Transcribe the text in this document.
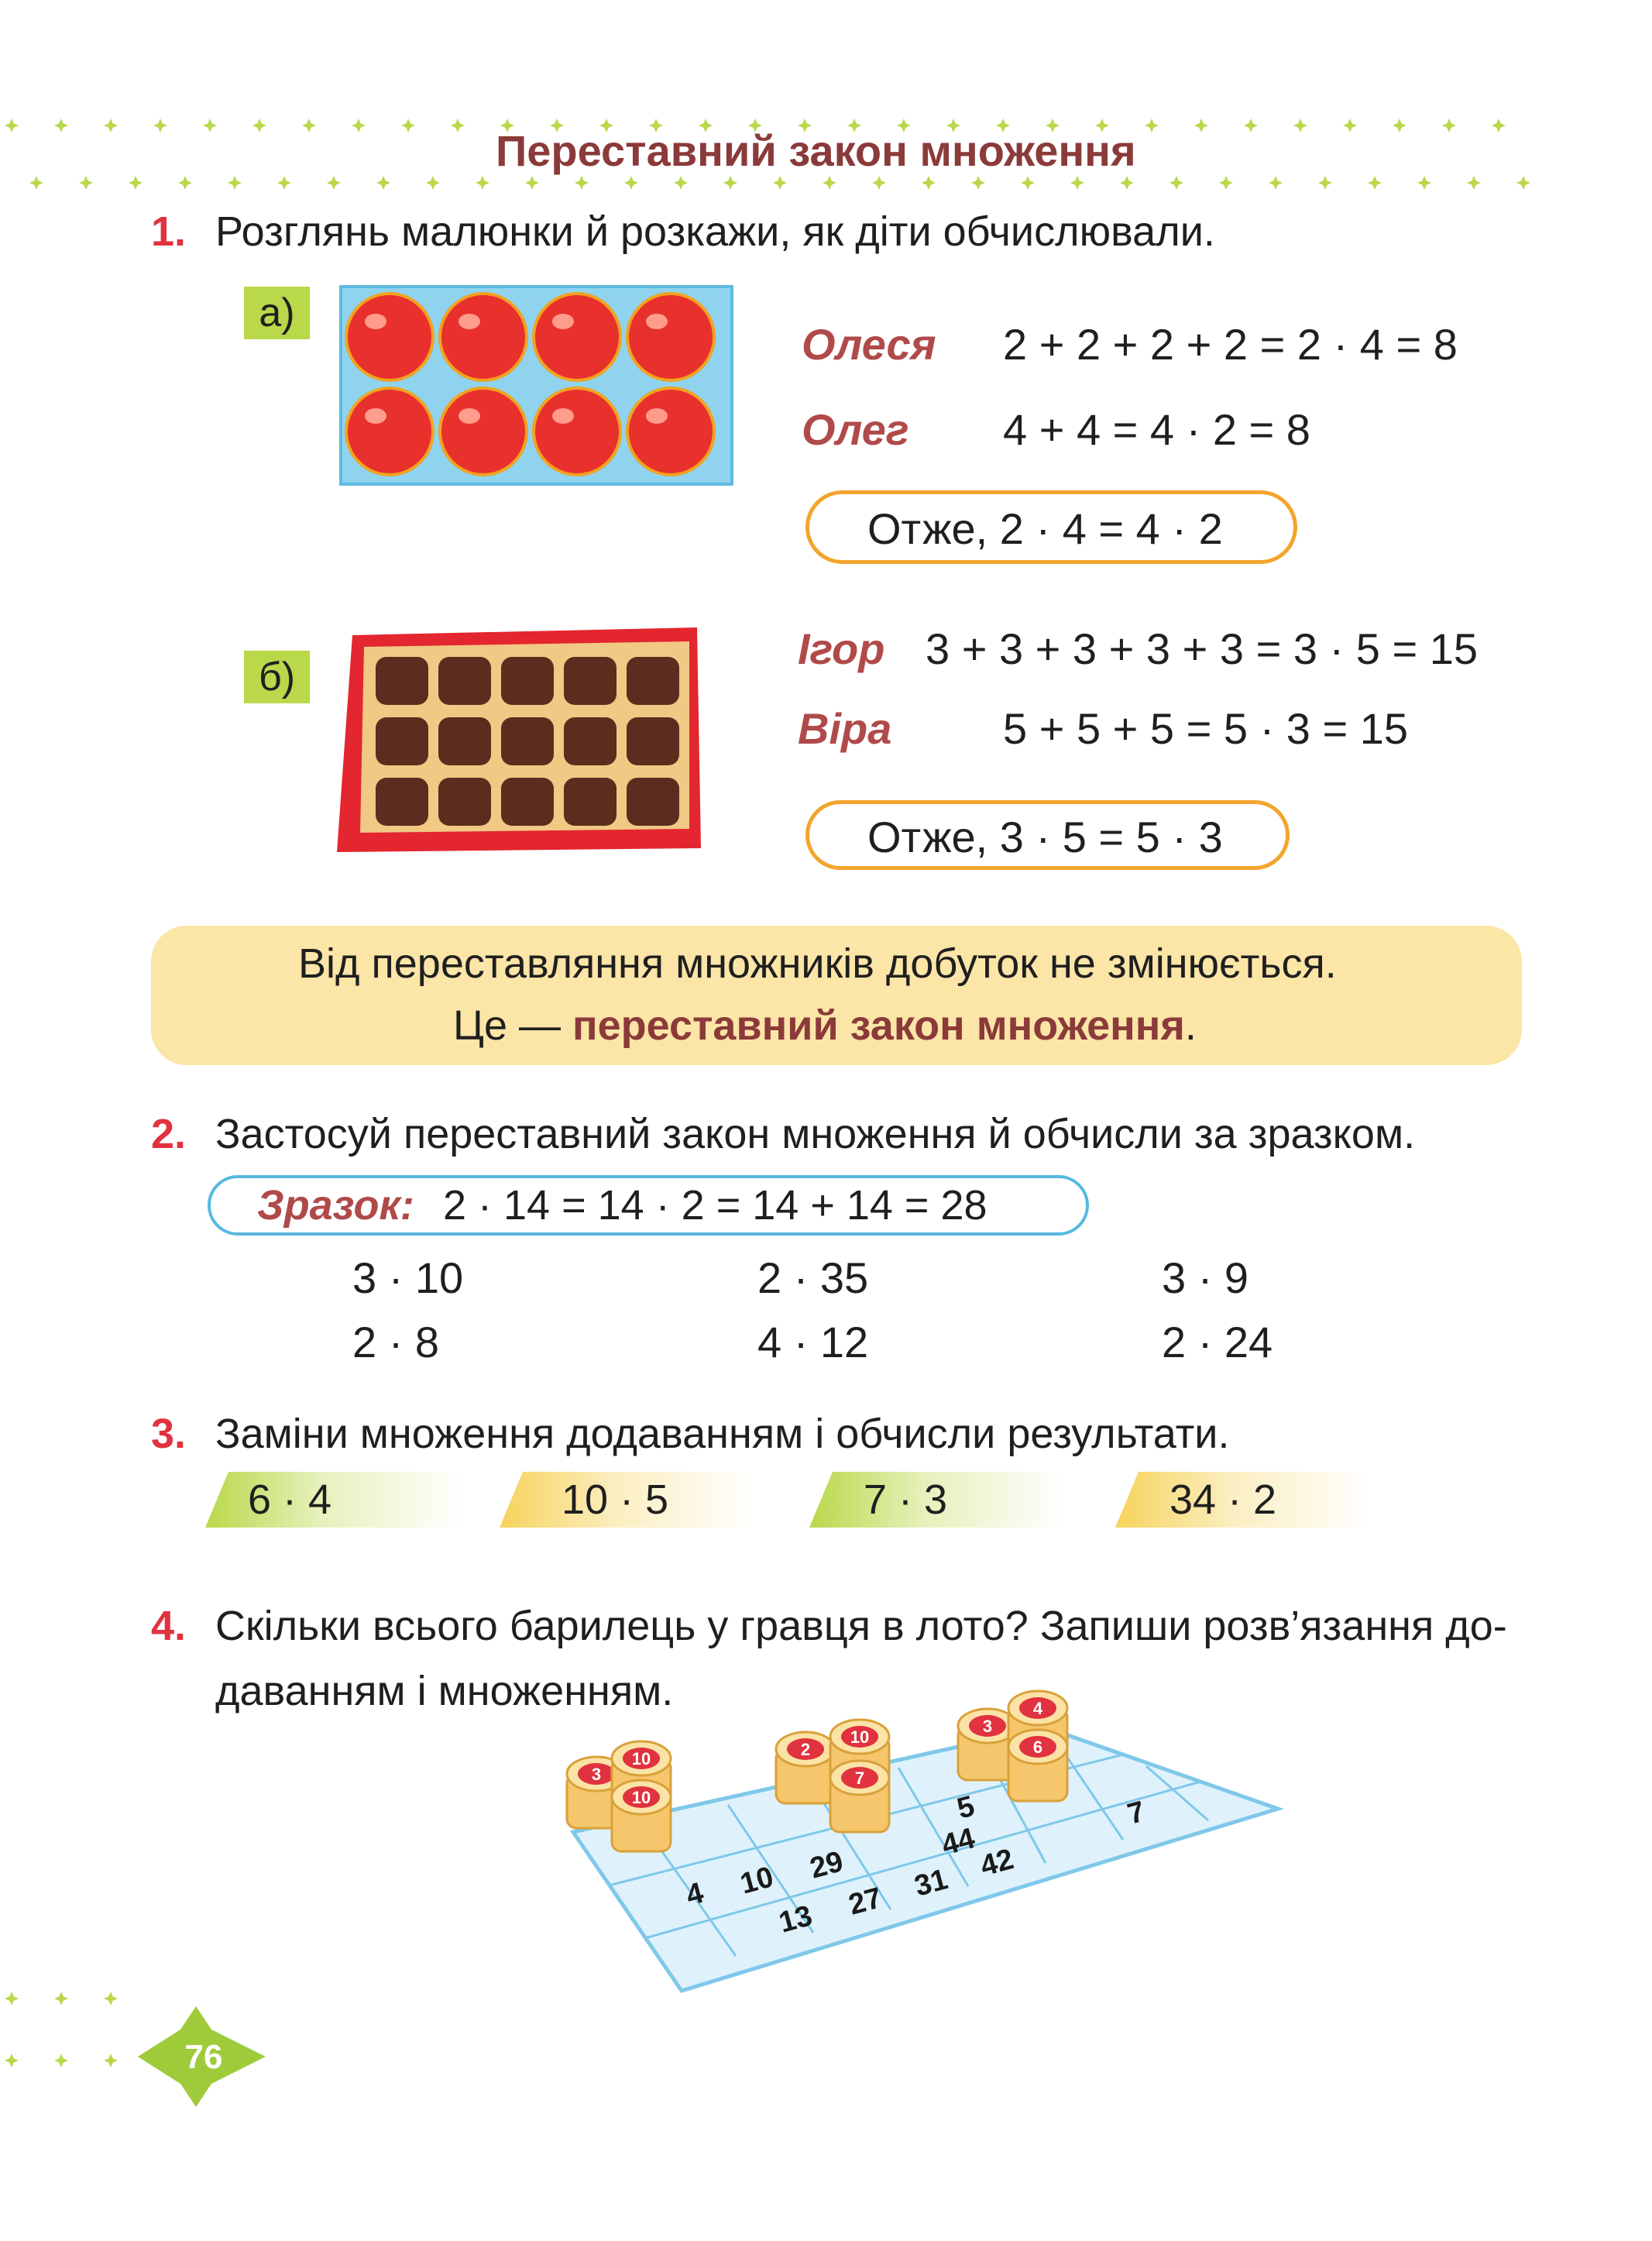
Переставний закон множення
1. Розглянь малюнки й розкажи, як діти обчислювали.
а)
Олеся 2 + 2 + 2 + 2 = 2 · 4 = 8
Олег 4 + 4 = 4 · 2 = 8
Отже, 2 · 4 = 4 · 2
б)
Ігор 3 + 3 + 3 + 3 + 3 = 3 · 5 = 15
Віра	5 + 5 + 5 = 5 · 3 = 15
Отже, 3 · 5 = 5 · 3
Від переставляння множників добуток не змінюється.
Це — переставний закон множення.
2. Застосуй переставний закон множення й обчисли за зразком.
Зразок: 2 · 14 = 14 · 2 = 14 + 14 = 28
3 · 10	2 · 35	3 · 9
2 · 8	4 · 12	2 · 24
3. Заміни множення додаванням і обчисли результати.
6 · 4	10 · 5	7 · 3	34 · 2
4. Скільки всього барилець у гравця в лото? Запиши розв’язання до-
даванням і множенням.
5
44
7
10 29
4
13 27 31
42
3
10
10
2
10
7
3
4
6
76
